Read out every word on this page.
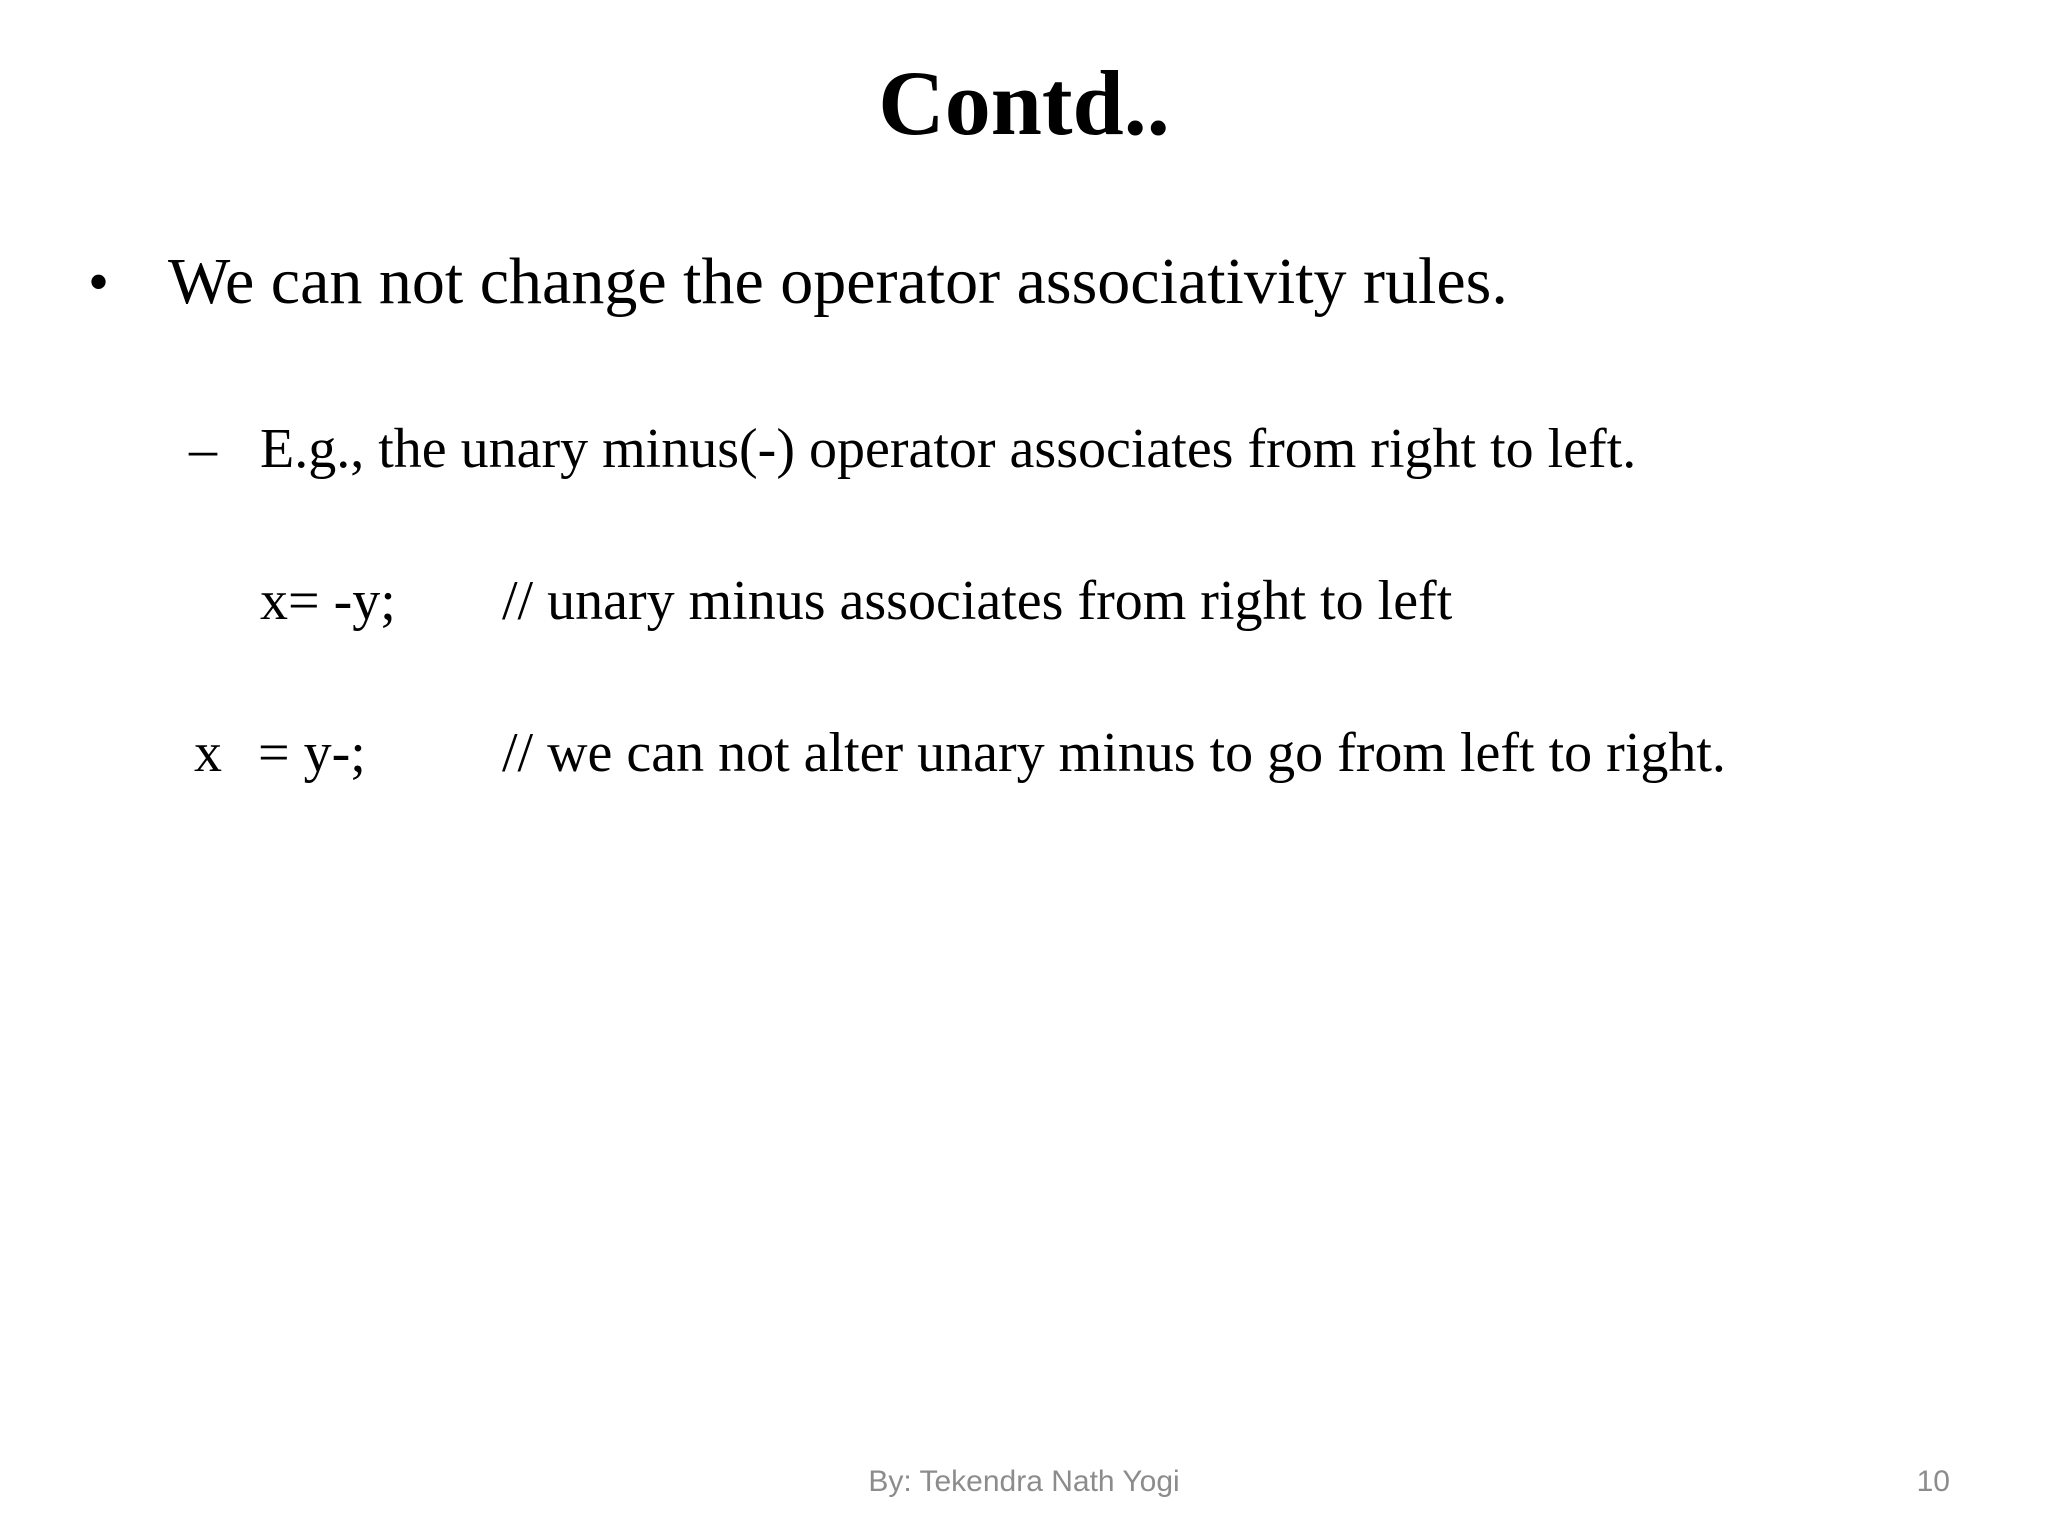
Contd..
• We can not change the operator associativity rules.
– E.g., the unary minus(-) operator associates from right to left.
x= -y; // unary minus associates from right to left
x = y-; // we can not alter unary minus to go from left to right.
By: Tekendra Nath Yogi	10
